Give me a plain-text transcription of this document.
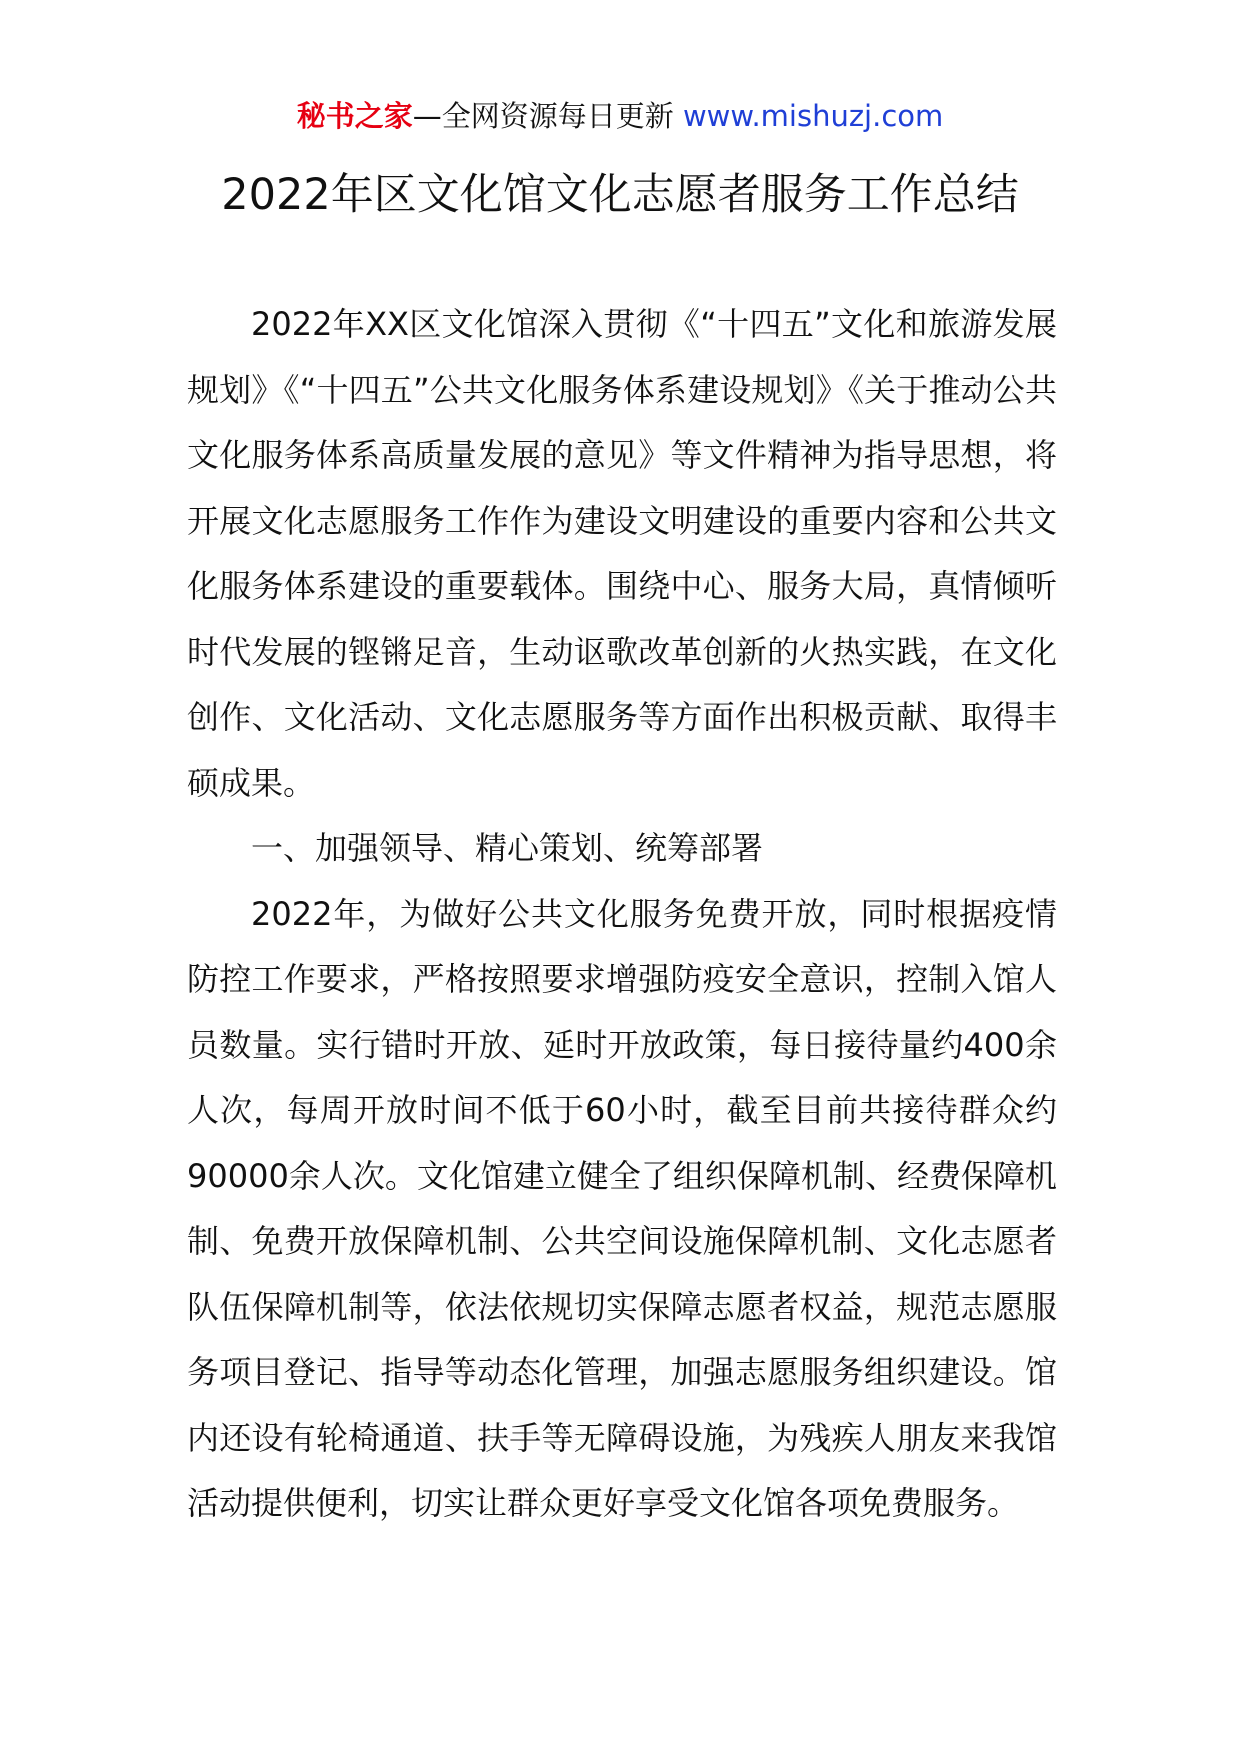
秘书之家—全网资源每日更新 www.mishuzj.com
2022年区文化馆文化志愿者服务工作总结

2022年XX区文化馆深入贯彻《“十四五”文化和旅游发展规划》《“十四五”公共文化服务体系建设规划》《关于推动公共文化服务体系高质量发展的意见》等文件精神为指导思想，将开展文化志愿服务工作作为建设文明建设的重要内容和公共文化服务体系建设的重要载体。围绕中心、服务大局，真情倾听时代发展的铿锵足音，生动讴歌改革创新的火热实践，在文化创作、文化活动、文化志愿服务等方面作出积极贡献、取得丰硕成果。

一、加强领导、精心策划、统筹部署

2022年，为做好公共文化服务免费开放，同时根据疫情防控工作要求，严格按照要求增强防疫安全意识，控制入馆人员数量。实行错时开放、延时开放政策，每日接待量约400余人次，每周开放时间不低于60小时，截至目前共接待群众约90000余人次。文化馆建立健全了组织保障机制、经费保障机制、免费开放保障机制、公共空间设施保障机制、文化志愿者队伍保障机制等，依法依规切实保障志愿者权益，规范志愿服务项目登记、指导等动态化管理，加强志愿服务组织建设。馆内还设有轮椅通道、扶手等无障碍设施，为残疾人朋友来我馆活动提供便利，切实让群众更好享受文化馆各项免费服务。
